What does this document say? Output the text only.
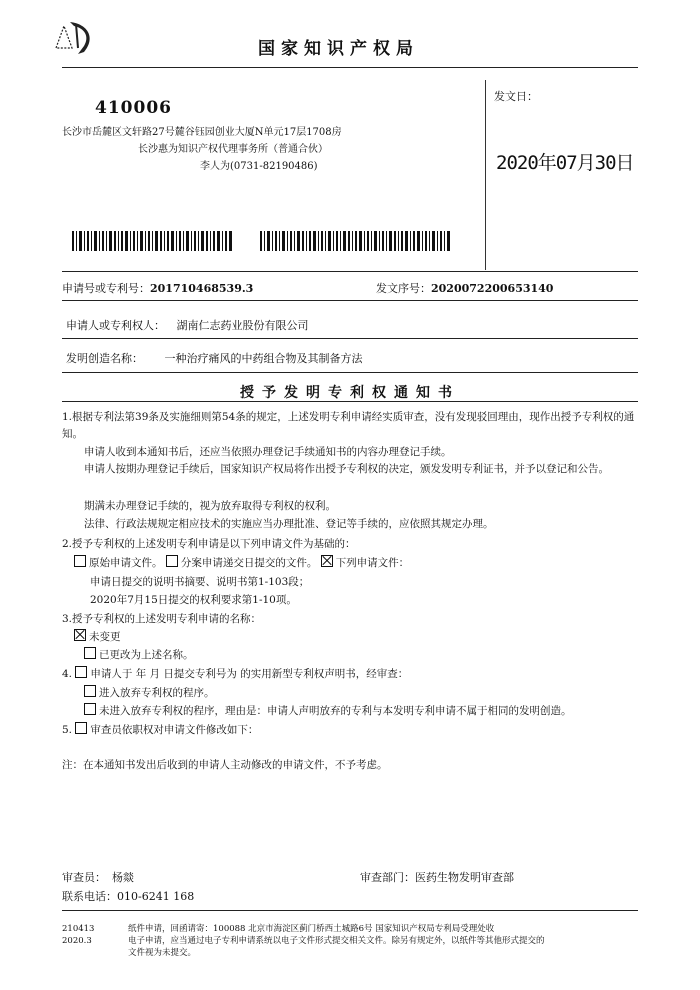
国家知识产权局
410006
长沙市岳麓区文轩路27号麓谷钰园创业大厦N单元17层1708房
长沙惠为知识产权代理事务所（普通合伙）
李人为(0731-82190486)
发文日：
2020年07月30日
申请号或专利号：201710468539.3	发文序号：2020072200653140
申请人或专利权人： 湖南仁志药业股份有限公司
发明创造名称： 一种治疗痛风的中药组合物及其制备方法
授予发明专利权通知书
1.根据专利法第39条及实施细则第54条的规定，上述发明专利申请经实质审查，没有发现驳回理由，现作出授予专利权的通知。
申请人收到本通知书后，还应当依照办理登记手续通知书的内容办理登记手续。
申请人按期办理登记手续后，国家知识产权局将作出授予专利权的决定，颁发发明专利证书，并予以登记和公告。
期满未办理登记手续的，视为放弃取得专利权的权利。
法律、行政法规规定相应技术的实施应当办理批准、登记等手续的，应依照其规定办理。
2.授予专利权的上述发明专利申请是以下列申请文件为基础的：
原始申请文件。 分案申请递交日提交的文件。 下列申请文件：
申请日提交的说明书摘要、说明书第1-103段；
2020年7月15日提交的权利要求第1-10项。
3.授予专利权的上述发明专利申请的名称：
未变更
已更改为上述名称。
4. 申请人于 年 月 日提交专利号为 的实用新型专利权声明书，经审查：
进入放弃专利权的程序。
未进入放弃专利权的程序，理由是：申请人声明放弃的专利与本发明专利申请不属于相同的发明创造。
5. 审查员依职权对申请文件修改如下：
注：在本通知书发出后收到的申请人主动修改的申请文件，不予考虑。
审查员： 杨燚
联系电话：010-6241 168
审查部门：医药生物发明审查部
210413
2020.3
纸件申请，回函请寄：100088 北京市海淀区蓟门桥西土城路6号 国家知识产权局专利局受理处收
电子申请，应当通过电子专利申请系统以电子文件形式提交相关文件。除另有规定外，以纸件等其他形式提交的
文件视为未提交。
